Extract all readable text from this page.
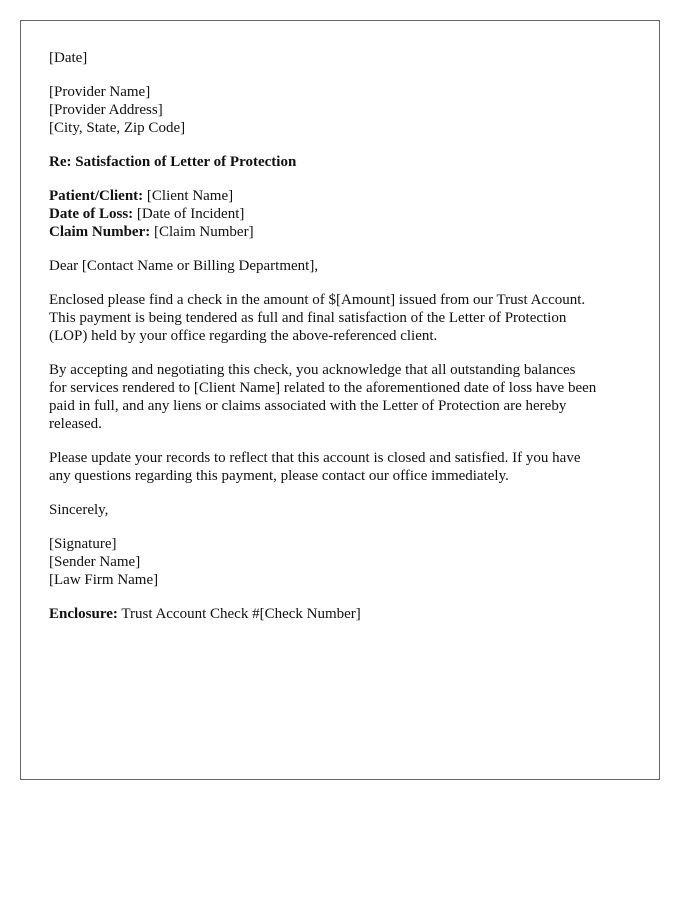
[Date]

[Provider Name]
[Provider Address]
[City, State, Zip Code]

Re: Satisfaction of Letter of Protection

Patient/Client: [Client Name]
Date of Loss: [Date of Incident]
Claim Number: [Claim Number]

Dear [Contact Name or Billing Department],

Enclosed please find a check in the amount of $[Amount] issued from our Trust Account.
This payment is being tendered as full and final satisfaction of the Letter of Protection
(LOP) held by your office regarding the above-referenced client.

By accepting and negotiating this check, you acknowledge that all outstanding balances
for services rendered to [Client Name] related to the aforementioned date of loss have been
paid in full, and any liens or claims associated with the Letter of Protection are hereby
released.

Please update your records to reflect that this account is closed and satisfied. If you have
any questions regarding this payment, please contact our office immediately.

Sincerely,

[Signature]
[Sender Name]
[Law Firm Name]

Enclosure: Trust Account Check #[Check Number]
